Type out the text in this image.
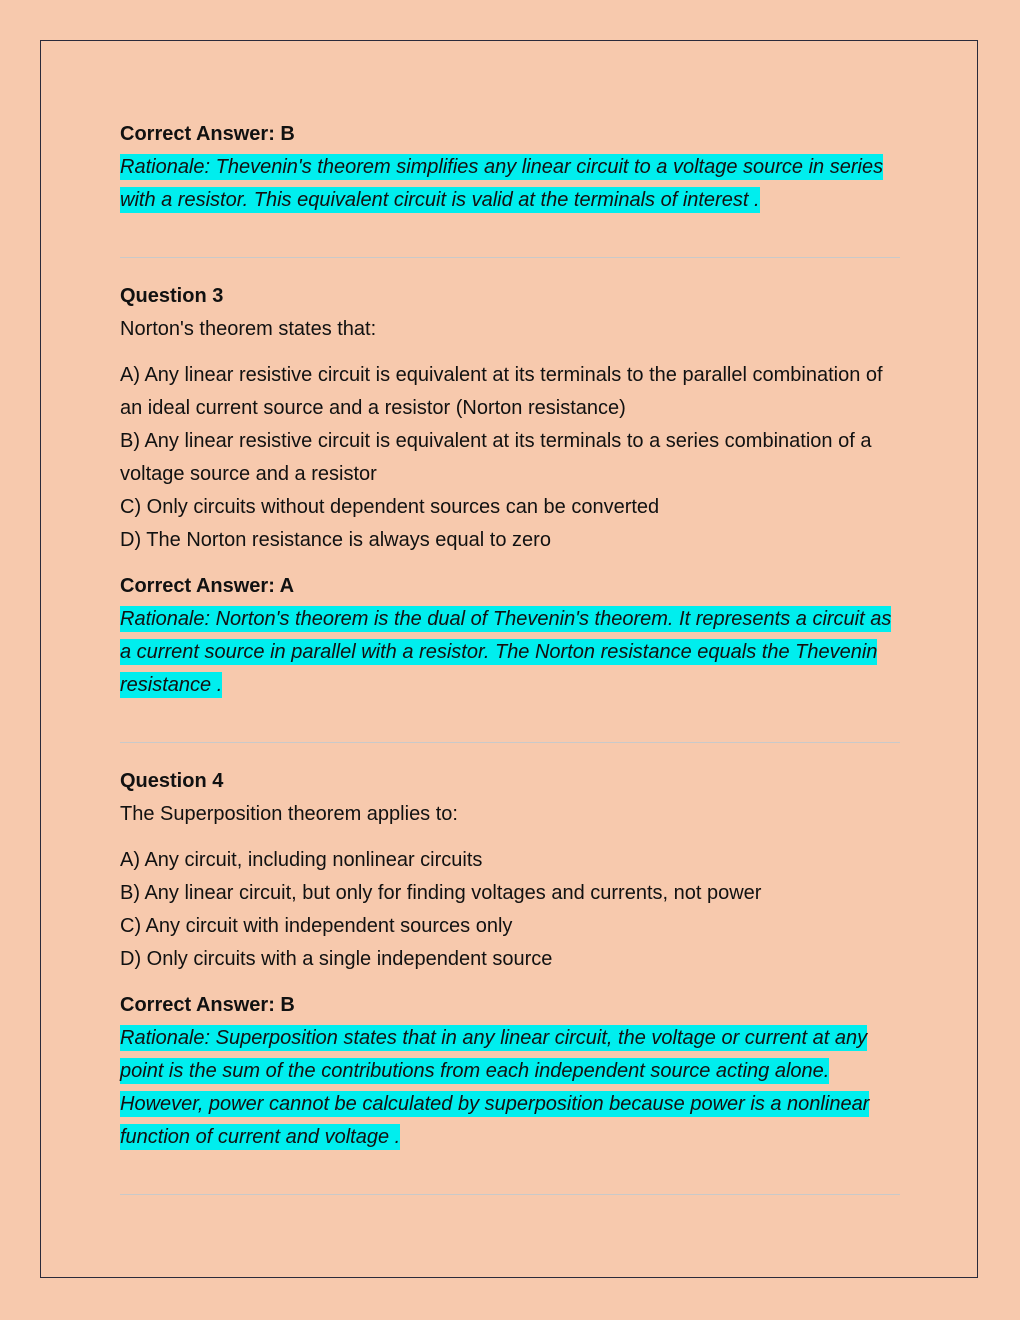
Correct Answer: B

Rationale: Thevenin's theorem simplifies any linear circuit to a voltage source in series with a resistor. This equivalent circuit is valid at the terminals of interest .

Question 3

Norton's theorem states that:

A) Any linear resistive circuit is equivalent at its terminals to the parallel combination of an ideal current source and a resistor (Norton resistance)

B) Any linear resistive circuit is equivalent at its terminals to a series combination of a voltage source and a resistor

C) Only circuits without dependent sources can be converted

D) The Norton resistance is always equal to zero

Correct Answer: A

Rationale: Norton's theorem is the dual of Thevenin's theorem. It represents a circuit as a current source in parallel with a resistor. The Norton resistance equals the Thevenin resistance .

Question 4

The Superposition theorem applies to:

A) Any circuit, including nonlinear circuits

B) Any linear circuit, but only for finding voltages and currents, not power

C) Any circuit with independent sources only

D) Only circuits with a single independent source

Correct Answer: B

Rationale: Superposition states that in any linear circuit, the voltage or current at any point is the sum of the contributions from each independent source acting alone. However, power cannot be calculated by superposition because power is a nonlinear function of current and voltage .
